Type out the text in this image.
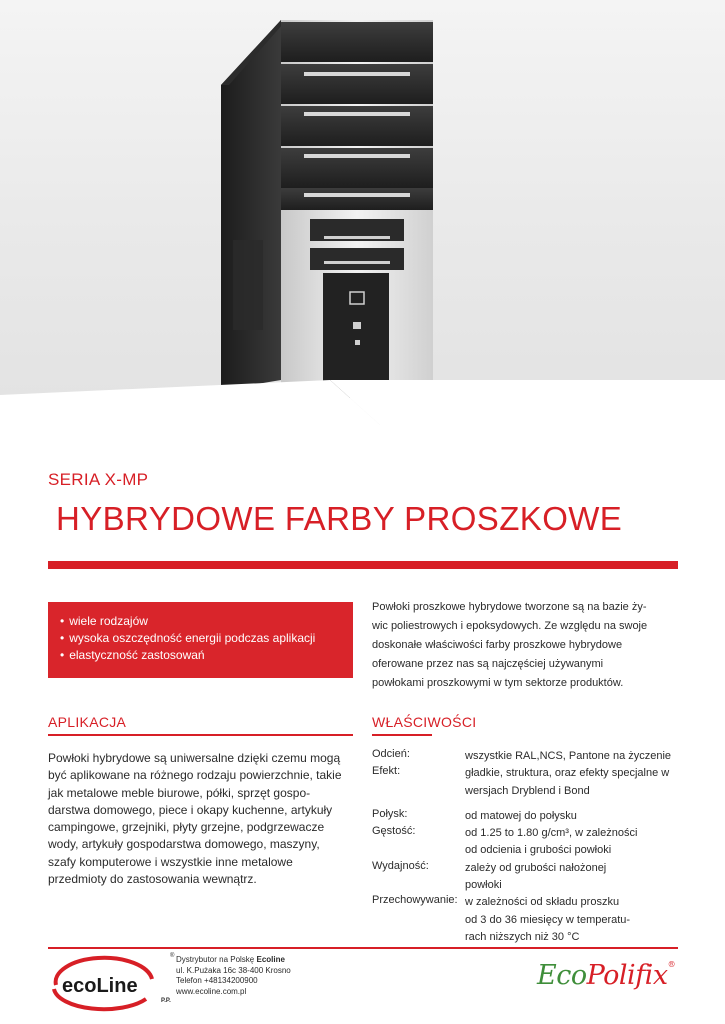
SERIA X-MP
HYBRYDOWE FARBY PROSZKOWE
• wiele rodzajów
• wysoka oszczędność energii podczas aplikacji
• elastyczność zastosowań
Powłoki proszkowe hybrydowe tworzone są na bazie ży-
wic poliestrowych i epoksydowych. Ze względu na swoje
doskonałe właściwości farby proszkowe hybrydowe
oferowane przez nas są najczęściej używanymi
powłokami proszkowymi w tym sektorze produktów.
APLIKACJA
Powłoki hybrydowe są uniwersalne dzięki czemu mogą
być aplikowane na różnego rodzaju powierzchnie, takie
jak metalowe meble biurowe, półki, sprzęt gospo-
darstwa domowego, piece i okapy kuchenne, artykuły
campingowe, grzejniki, płyty grzejne, podgrzewacze
wody, artykuły gospodarstwa domowego, maszyny,
szafy komputerowe i wszystkie inne metalowe
przedmioty do zastosowania wewnątrz.
WŁAŚCIWOŚCI
Odcień:	wszystkie RAL,NCS, Pantone na życzenie
Efekt:	gładkie, struktura, oraz efekty specjalne w
wersjach Dryblend i Bond
Połysk:	od matowej do połysku
Gęstość:	od 1.25 to 1.80 g/cm³, w zależności
od odcienia i grubości powłoki
Wydajność:	zależy od grubości nałożonej
powłoki
Przechowywanie: w zależności od składu proszku
od 3 do 36 miesięcy w temperatu-
rach niższych niż 30 °C
ecoLine
®
P.P.
Dystrybutor na Polskę Ecoline
ul. K.Pużaka 16c 38-400 Krosno
Telefon +48134200900
www.ecoline.com.pl	EcoPolifix®
